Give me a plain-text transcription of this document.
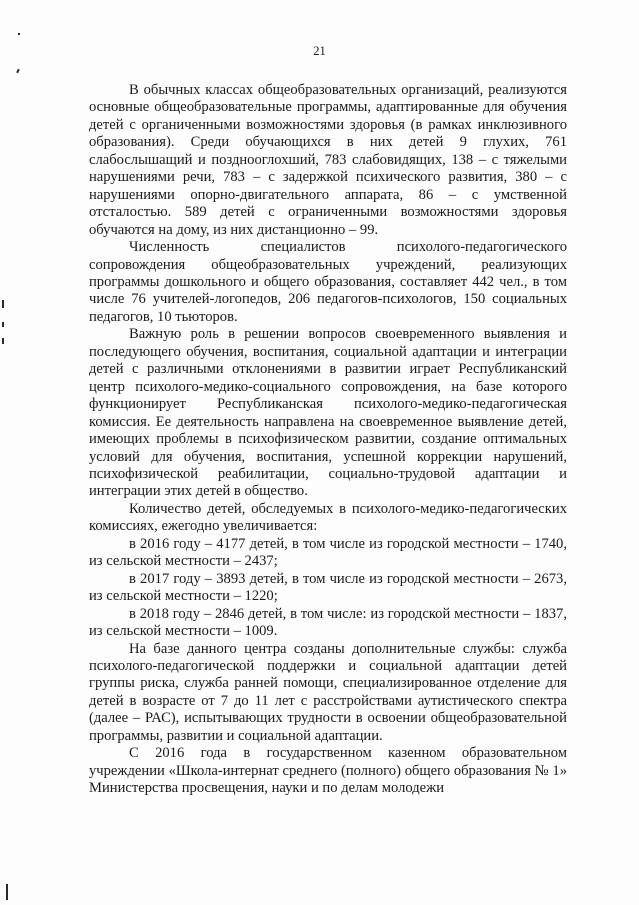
21

В обычных классах общеобразовательных организаций, реализуются основные общеобразовательные программы, адаптированные для обучения детей с органиченными возможностями здоровья (в рамках инклюзивного образования). Среди обучающихся в них детей 9 глухих, 761 слабослышащий и позднооглохший, 783 слабовидящих, 138 – с тяжелыми нарушениями речи, 783 – с задержкой психического развития, 380 – с нарушениями опорно-двигательного аппарата, 86 – с умственной отсталостью. 589 детей с ограниченными возможностями здоровья обучаются на дому, из них дистанционно – 99.

Численность специалистов психолого-педагогического сопровождения общеобразовательных учреждений, реализующих программы дошкольного и общего образования, составляет 442 чел., в том числе 76 учителей-логопедов, 206 педагогов-психологов, 150 социальных педагогов, 10 тьюторов.

Важную роль в решении вопросов своевременного выявления и последующего обучения, воспитания, социальной адаптации и интеграции детей с различными отклонениями в развитии играет Республиканский центр психолого-медико-социального сопровождения, на базе которого функционирует Республиканская психолого-медико-педагогическая комиссия. Ее деятельность направлена на своевременное выявление детей, имеющих проблемы в психофизическом развитии, создание оптимальных условий для обучения, воспитания, успешной коррекции нарушений, психофизической реабилитации, социально-трудовой адаптации и интеграции этих детей в общество.

Количество детей, обследуемых в психолого-медико-педагогических комиссиях, ежегодно увеличивается:

в 2016 году – 4177 детей, в том числе из городской местности – 1740, из сельской местности – 2437;

в 2017 году – 3893 детей, в том числе из городской местности – 2673, из сельской местности – 1220;

в 2018 году – 2846 детей, в том числе: из городской местности – 1837, из сельской местности – 1009.

На базе данного центра созданы дополнительные службы: служба психолого-педагогической поддержки и социальной адаптации детей группы риска, служба ранней помощи, специализированное отделение для детей в возрасте от 7 до 11 лет с расстройствами аутистического спектра (далее – РАС), испытывающих трудности в освоении общеобразовательной программы, развитии и социальной адаптации.

С 2016 года в государственном казенном образовательном учреждении «Школа-интернат среднего (полного) общего образования № 1» Министерства просвещения, науки и по делам молодежи
